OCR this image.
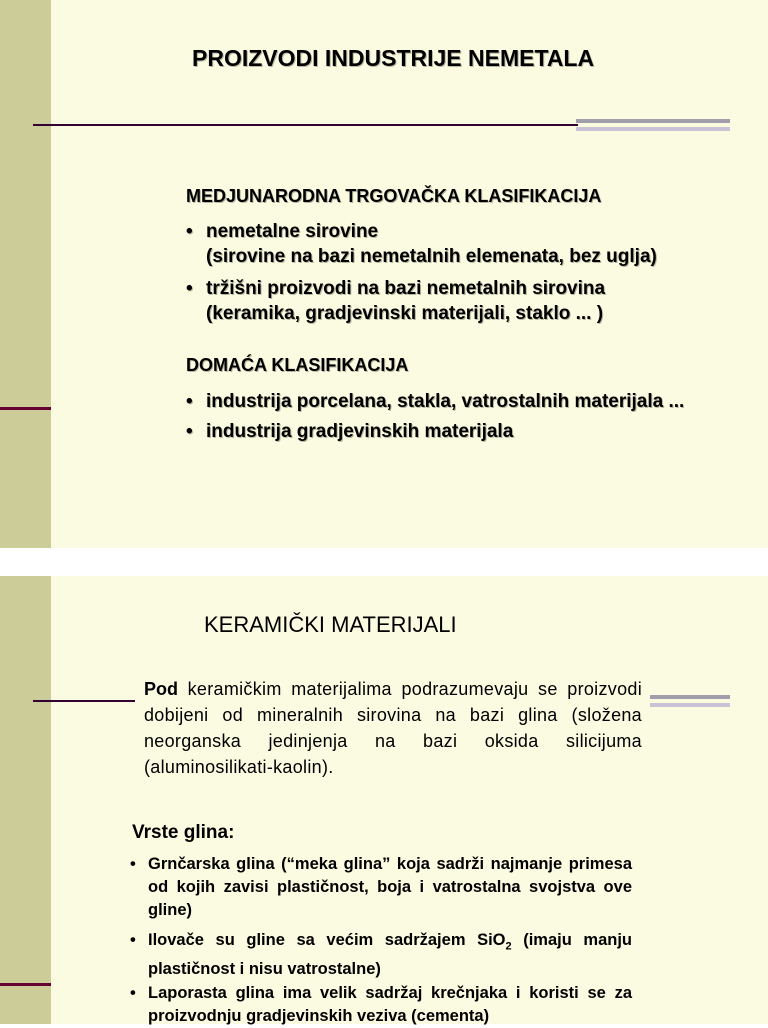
PROIZVODI INDUSTRIJE NEMETALA
MEDJUNARODNA TRGOVAČKA KLASIFIKACIJA
• nemetalne sirovine
(sirovine na bazi nemetalnih elemenata, bez uglja)
• tržišni proizvodi na bazi nemetalnih sirovina
(keramika, gradjevinski materijali, staklo ... )
DOMAĆA KLASIFIKACIJA
• industrija porcelana, stakla, vatrostalnih materijala ...
• industrija gradjevinskih materijala
KERAMIČKI MATERIJALI
Pod keramičkim materijalima podrazumevaju se proizvodi dobijeni od mineralnih sirovina na bazi glina (složena neorganska jedinjenja na bazi oksida silicijuma (aluminosilikati-kaolin).
Vrste glina:
• Grnčarska glina (“meka glina” koja sadrži najmanje primesa od kojih zavisi plastičnost, boja i vatrostalna svojstva ove gline)
• Ilovače su gline sa većim sadržajem SiO$_2$ (imaju manju plastičnost i nisu vatrostalne)
• Laporasta glina ima velik sadržaj krečnjaka i koristi se za proizvodnju gradjevinskih veziva (cementa)
